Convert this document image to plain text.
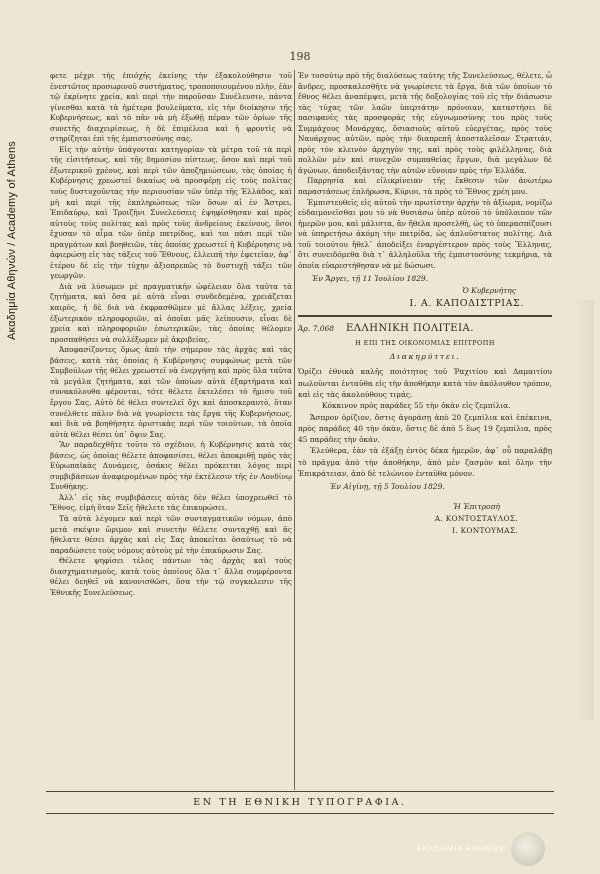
Ακαδημία Αθηνών / Academy of Athens
198

φετε μέχρι τής ἐπιόχῆς ἐκείνης τὴν ἐξακολούθησιν τοῦ ἐνεστῶτος προσωρινοῦ συστήματος, τροποποιουμένου πλὴν, ἐὰν τῷ ἐκρίνητε χρεία, καὶ περὶ τὴν παροῦσαν Συνέλευσιν, πάντα γίνεσθαι κατὰ τὰ ἡμέτερα βουλεύματα, εἰς τὴν διοίκησιν τῆς Κυβερνήσεως, καὶ τὸ πᾶν νὰ μὴ ἐξωθῇ πέραν τῶν ὁρίων τῆς συνετῆς διαχειρίσεως, ἡ δὲ ἐπιμέλεια καὶ ἡ φροντὶς νὰ στηρίζηται ἐπὶ τῆς ἐμπιστοσύνης σας.

Εἰς τὴν αὐτὴν ὑπάγονται κατηγορίαν τὰ μέτρα τοῦ τὰ περὶ τῆς εἰσιτήσεως, καὶ τῆς δημοσίου πίστεως, ὅσον καὶ περὶ τοῦ ἐξωτερικοῦ χρέους, καὶ περὶ τῶν ἀποζημιώσεων, τὰς ὁποίας ἡ Κυβέρνησις χρεωστεῖ δικαίως νὰ προσφέρῃ εἰς τοὺς πολίτας τοὺς δυστυχοῦντας τὴν περιουσίαν τῶν ὑπὲρ τῆς Ἑλλάδος, καὶ μὴ καὶ περὶ τῆς ἐκπληρώσεως τῶν ὅσων αἱ ἐν Ἄστρει, Ἐπιδαύρῳ, καὶ Τροιζῆνι Συνελεύσεις ἐψηφίσθησαν καὶ πρὸς αὐτοὺς τοὺς πολίτας καὶ πρὸς τοὺς ἀνδρείους ἐκείνους, ὅσοι ἔχυσαν τὸ αἷμα τῶν ὑπὲρ πατρίδος, καὶ τοι πάσι περὶ τῶν πραγμάτων καὶ βοηθειῶν, τὰς ὁποίας χρεωστεῖ ἡ Κυβέρνησις νὰ ἀφιερώσῃ εἰς τὰς τάξεις τοῦ Ἔθνους, ἐλλειπῆ τὴν ἐφετεῖαν, ἀφ᾽ ἑτέρου δὲ εἰς τὴν τύχην ἀξιοπρεπῶς τὸ δυστυχῇ τάξει τῶν γεωργῶν.

Διὰ νὰ λύσωμεν μὲ πραγματικὴν ὠφέλειαν ὅλα ταῦτα τὰ ζητήματα, καὶ ὅσα μὲ αὐτὰ εἶναι συνδεδεμένα, χρειάζεται καιρὸς, ἡ δὲ διὰ νὰ ἐκφρασθῶμεν μὲ ἄλλας λέξεις, χρεία ἐξωτερικὸν πληροφοριῶν, αἱ ὁποῖαι μᾶς λείπουσιν, εἶναι δὲ χρεία καὶ πληροφοριῶν ἐσωτερικῶν, τὰς ὁποίας θέλομεν προσπαθήσει νὰ συλλέξωμεν μὲ ἀκριβείας.

Ἀποφασίζοντες ὅμως ἀπὸ τὴν σήμερον τὰς ἀρχὰς καὶ τὰς βάσεις, κατὰ τὰς ὁποίας ἡ Κυβέρνησις συμφώνως μετὰ τῶν Συμβούλων τῆς θέλει χρεωστεῖ νὰ ἐνεργήσῃ καὶ πρὸς ὅλα ταῦτα τὰ μεγάλα ζητήματα, καὶ τῶν ὁποίων αὐτὰ ἐξαρτήματα καὶ συνακόλουθα φέρονται, τότε θέλετε ἐκτελέσει τὸ ἥμισυ τοῦ ἔργου Σας. Αὐτὸ δὲ θέλει συντελεῖ ὄχι καὶ ἀποσκεραυτὸ, ὅταν συνέλθετε πάλιν διὰ νὰ γνωρίσετε τὰς ἔργα τῆς Κυβερνήσεως, καὶ διὰ νὰ βοηθήσητε ὁριστικὰς περὶ τῶν τοιούτων, τὰ ὁποῖα αὐτὰ θέλει θέσει ὑπ᾽ ὄψιν Σας.

Ἂν παραδεχθῆτε τοῦτο τὸ σχέδιον, ἡ Κυβέρνησις κατὰ τὰς βάσεις, ὡς ὁποίας θέλετε ἀποφασίσει, θέλει ἀποκριθῇ πρὸς τὰς Εὐρωπαϊκὰς Δυνάμεις, ὁσάκις θέλει πρόκειται λόγος περὶ συμβιβάσεων ἀναφερομένων πρὸς τὴν ἐκτέλεσιν τῆς ἐν Λονδίνῳ Συνθήκης.

Ἀλλ᾽ εἰς τὰς συμβιβάσεις αὐτὰς δὲν θέλει ὑποχρεωθεῖ τὸ Ἔθνος, εἰμὴ ὅταν Σεῖς ἤθελετε τὰς ἐπικυρώσει.

Τὰ αὐτὰ λέγομεν καὶ περὶ τῶν συνταγματικῶν νόμων, ἀπὸ μετὰ σκέψιν ὥριμον καὶ συνετὴν θέλετε συνταχθῇ καὶ ἄς ἤθελατε θέσει ἀρχὰς καὶ εἰς Σας ἀποκείται ὁσαύτως τὸ νὰ παραδώσετε τοὺς νόμους αὐτοὺς μὲ τὴν ἐπικύρωσιν Σας.

Θέλετε ψηφίσει τέλος πάντων τὰς ἀρχὰς καὶ τοὺς διασχηματισμοὺς, κατὰ τοὺς ὁποίους ὅλα τ᾽ ἄλλα συμφέροντα θέλει δεηθεῖ νὰ κανονισθῶσι, ὅσα τὴν τῷ συγκαλεσιν τῆς Ἐθνικῆς Συνελεύσεως.

Ἐν τοσούτῳ πρὸ τῆς διαλύσεως ταύτης τῆς Συνελεύσεως, θέλετε, ὦ ἄνδρες, προσκαλεσθῆτε νὰ γνωρίσετε τὰ ἔργα, διὰ τῶν ὁποίων τὸ ἔθνος θέλει ἀναπέμψει, μετὰ τῆς δοξολογίας τοῦ εἰς τὴν διάσωσιν τὰς τύχας τῶν λαῶν ὑπερτάτην πρόνοιαν, καταστήσει δὲ πασιφανὲς τὰς προσφορὰς τῆς εὐγνωμοσύνης του πρὸς τοὺς Συμμάχους Μονάρχας, ὅσιασιοὺς αὐτοῦ εὐεργέτας, πρὸς τοὺς Ναυάρχους αὐτῶν, πρὸς τὴν διαπρεπῆ ἀποσταλεῖσαν Στρατιάν, πρὸς τὸν κλεινὸν ἀρχηγὸν της, καὶ πρὸς τοὺς φιλέλληνας, διὰ πολλῶν μὲν καὶ συνεχῶν συμπαθείας ἔργων, διὰ μεγάλων δὲ ἀγώνων, ἀποδειξάντας τὴν αὐτῶν εὔνοιαν πρὸς τὴν Ἑλλάδα.

Παρρησία καὶ εἰλικρίνειαν τῆς ἔκθεσιν τῶν ἀνωτέρω παραστάσεως ἐπλήρωσα, Κύριοι, τὰ πρὸς τὸ Ἔθνος χρέη μου.

Ἐμπιστευθεῖς εἰς αὐτοῦ τὴν πρωτίστην ἀρχὴν τὸ ἀξίωμα, νομίζω εὐδαιμονεῖσθαι μου τὸ νὰ θυσιάσω ὑπὲρ αὐτοῦ τὸ ὑπόλοιπον τῶν ἡμερῶν μου, καὶ μάλιστα, ἂν ἤθελα προσελθὴ, ὡς τὸ ὑπερασπίζουσι νὰ ὑπηρετήσω ἀκόμη τὴν πατρίδα, ὡς ἀπλοῦστατος πολίτης. Διὰ τοῦ τοιούτου ἤθελ᾽ ἀποδείξει ἐναργέστερον πρὸς τοὺς Ἕλληνας, ὅτι συνειδόμεθα διὰ τ᾽ ἀλληλοῦλα τῆς ἐμπιστοσύνης τεκμήρια, τὰ ὁποῖα εὐαρεστήθησαν νὰ μὲ δώσωσι.

Ἐν Ἄργει, τῇ 11 Ἰουλίου 1829.
Ὁ Κυβερνήτης
Ι. Α. ΚΑΠΟΔΙΣΤΡΙΑΣ.
Ἀρ. 7,068	ΕΛΛΗΝΙΚΗ ΠΟΛΙΤΕΙΑ.
Η ΕΠΙ ΤΗΣ ΟΙΚΟΝΟΜΙΑΣ ΕΠΙΤΡΟΠΗ
Διακηρύττει.

Ὁρίζει ἐθνικὰ καλῆς ποιότητος τοῦ Ῥαχιτίου καὶ Δαμαιτίου πωλοῦνται ἐνταῦθα εἰς τὴν ἀποθήκην κατὰ τὸν ἀκόλουθον τρόπον, καὶ εἰς τὰς ἀκολούθους τιμάς.

Κόκκινον πρὸς παράδες 55 τὴν ὀκὰν εἰς ζεμπίλια.

Ἄσπρον ὁρίζιον, ὅστις ἀγοράσῃ ἀπὸ 20 ζεμπίλια καὶ ἐπέκεινα, πρὸς παράδες 40 τὴν ὀκὰν, ὅστις δὲ ἀπὸ 5 ἕως 19 ζεμπίλια, πρὸς 45 παράδες τὴν ὀκάν.

Ἐλεύθερα, ἐὰν τὰ ἐξάξῃ ἐντὸς δέκα ἡμερῶν, ἀφ᾽ οὗ παραλάβῃ τὸ πρᾶγμα ἀπὸ τὴν ἀποθήκην, ἀπὸ μὲν ζασμὸν καὶ ὅλην τὴν Ἐπικράτειαν, ἀπὸ δὲ τελώνιον ἐνταῦθα μόνον.

Ἐν Αἰγίνῃ, τῇ 5 Ἰουλίου 1829.
Ἡ Ἐπιτροπὴ
Α. ΚΟΝΤΟΣΤΑΥΛΟΣ.
Ι. ΚΟΝΤΟΥΜΑΣ.
ΕΝ ΤΗ ΕΘΝΙΚΗ ΤΥΠΟΓΡΑΦΙΑ.
ΑΚΑΔΗΜΙΑ ΑΘΗΝΩΝ
